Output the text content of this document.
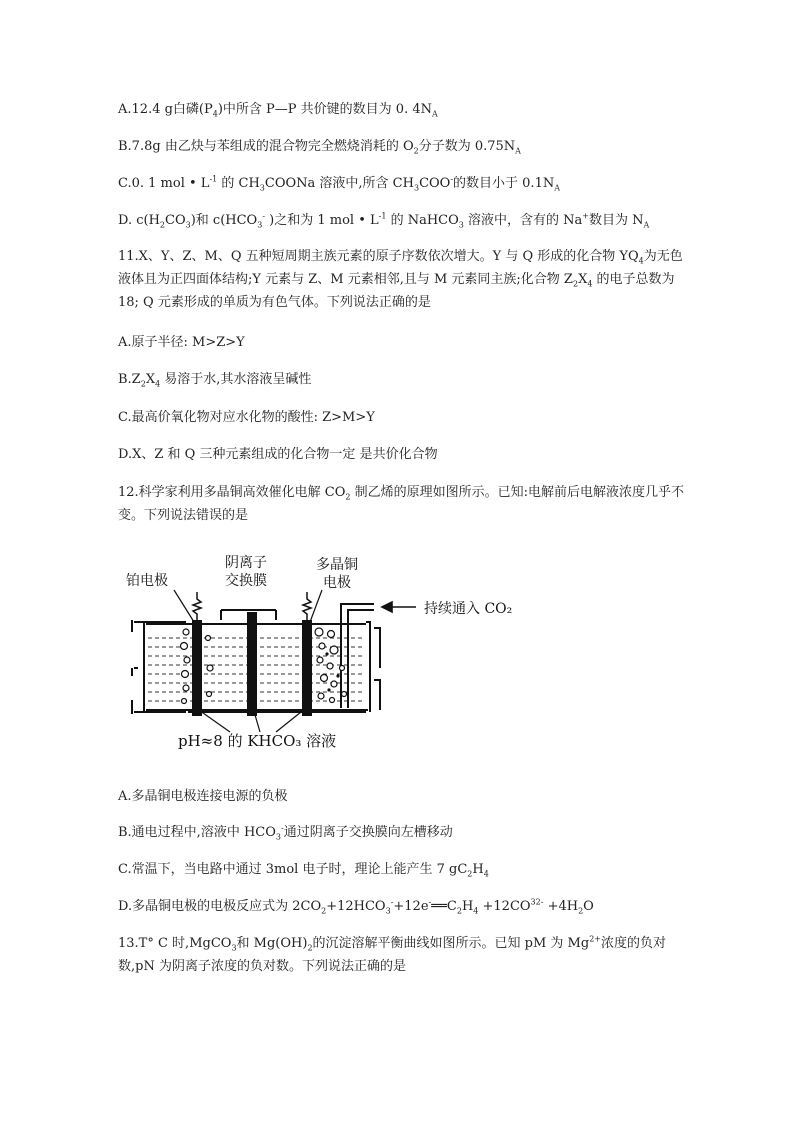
A.12.4 g白磷$(P_4)$中所含 P—P 共价键的数目为 0. $4N_A$
B.7.8g 由乙炔与苯组成的混合物完全燃烧消耗的 $O_2$分子数为 $0.75N_A$
C.0. 1 mol • $L^{-1}$ 的 $CH_3COONa$ 溶液中,所含 $CH_3COO^-$的数目小于 $0.1N_A$
D. $c(H_2CO_3)$和 $c(HCO_3^-$ )之和为 1 mol • $L^{-1}$ 的 NaHCO$_3$ 溶液中，含有的 Na+数目为 $N_A$
11.X、Y、Z、M、Q 五种短周期主族元素的原子序数依次增大。Y 与 Q 形成的化合物 $YQ_4$为无色液体且为正四面体结构;Y 元素与 Z、M 元素相邻,且与 M 元素同主族;化合物 $Z_2X_4$ 的电子总数为 18; Q 元素形成的单质为有色气体。下列说法正确的是
A.原子半径: M>Z>Y
$B.Z_2X_4$ 易溶于水,其水溶液呈碱性
C.最高价氧化物对应水化物的酸性: Z>M>Y
D.X、Z 和 Q 三种元素组成的化合物一定 是共价化合物
12.科学家利用多晶铜高效催化电解 $CO_2$ 制乙烯的原理如图所示。已知:电解前后电解液浓度几乎不变。下列说法错误的是
铂电极
阴离子
交换膜
多晶铜
电极
持续通入 CO₂
pH≈8 的 KHCO₃ 溶液
A.多晶铜电极连接电源的负极
B.通电过程中,溶液中 $HCO_3^-$通过阴离子交换膜向左槽移动
C.常温下，当电路中通过 3mol 电子时，理论上能产生 7 $gC_2H_4$
D.多晶铜电极的电极反应式为 $2CO_2+12HCO_3^-+12e^-══C_2H_4 +12CO^{32-} +4H_2O$
13.T° C 时,MgCO$_3$和 $Mg(OH)_2$的沉淀溶解平衡曲线如图所示。已知 pM 为 $Mg^{2+}$浓度的负对数,pN 为阴离子浓度的负对数。下列说法正确的是
